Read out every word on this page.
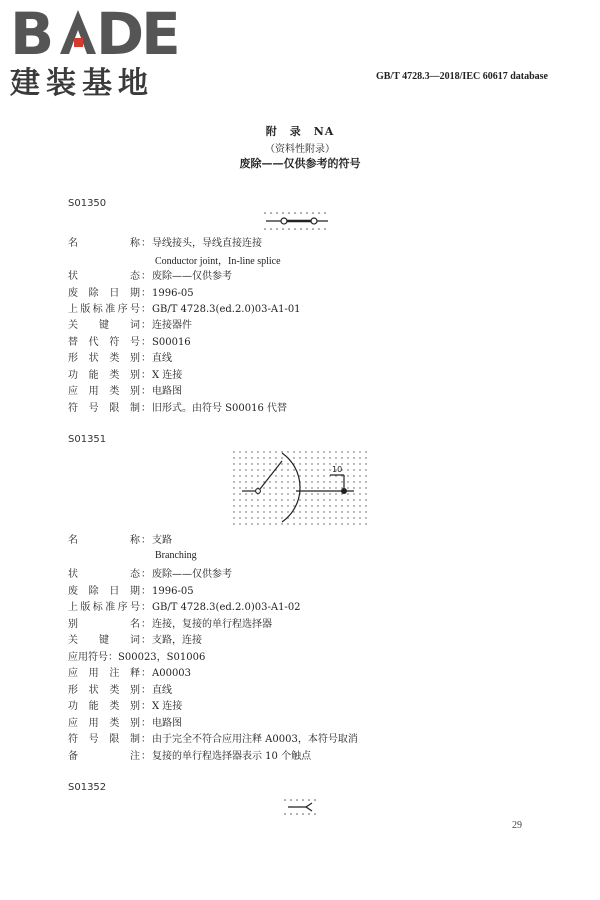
B DE
建装基地	GB/T 4728.3—2018/IEC 60617 database
附　录　NA
（资料性附录）
废除——仅供参考的符号
S01350
名　　称：导线接头，导线直接连接
Conductor joint，In-line splice
状　　态：废除——仅供参考
废除日期：1996-05
上版标准序号：GB/T 4728.3(ed.2.0)03-A1-01
关　键　词：连接器件
替代符号：S00016
形状类别：直线
功能类别：X 连接
应用类别：电路图
符号限制：旧形式。由符号 S00016 代替
S01351
10
名　　称：支路
Branching
状　　态：废除——仅供参考
废除日期：1996-05
上版标准序号：GB/T 4728.3(ed.2.0)03-A1-02
别　　名：连接，复接的单行程选择器
关　键　词：支路，连接
应用符号：S00023，S01006
应用注释：A00003
形状类别：直线
功能类别：X 连接
应用类别：电路图
符号限制：由于完全不符合应用注释 A0003，本符号取消
备　　注：复接的单行程选择器表示 10 个触点
S01352
29
